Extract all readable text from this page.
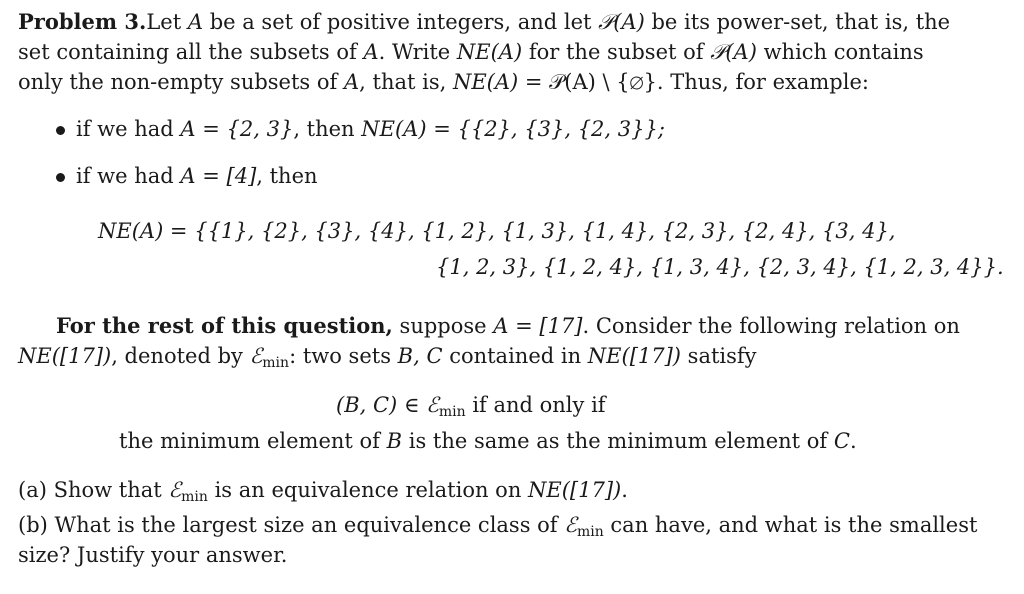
Problem 3.Let A be a set of positive integers, and let 𝒫(A) be its power-set, that is, the
set containing all the subsets of A. Write NE(A) for the subset of 𝒫(A) which contains
only the non-empty subsets of A, that is, NE(A) = 𝒫(A) \ {∅}. Thus, for example:
if we had A = {2, 3}, then NE(A) = {{2}, {3}, {2, 3}};
if we had A = [4], then
NE(A) = {{1}, {2}, {3}, {4}, {1, 2}, {1, 3}, {1, 4}, {2, 3}, {2, 4}, {3, 4},
{1, 2, 3}, {1, 2, 4}, {1, 3, 4}, {2, 3, 4}, {1, 2, 3, 4}}.
For the rest of this question, suppose A = [17]. Consider the following relation on
NE([17]), denoted by ℰ$_{min}$: two sets B, C contained in NE([17]) satisfy
(B, C) ∈ ℰ$_{min}$ if and only if
the minimum element of B is the same as the minimum element of C.
(a) Show that ℰ$_{min}$ is an equivalence relation on NE([17]).
(b) What is the largest size an equivalence class of ℰ$_{min}$ can have, and what is the smallest
size? Justify your answer.
